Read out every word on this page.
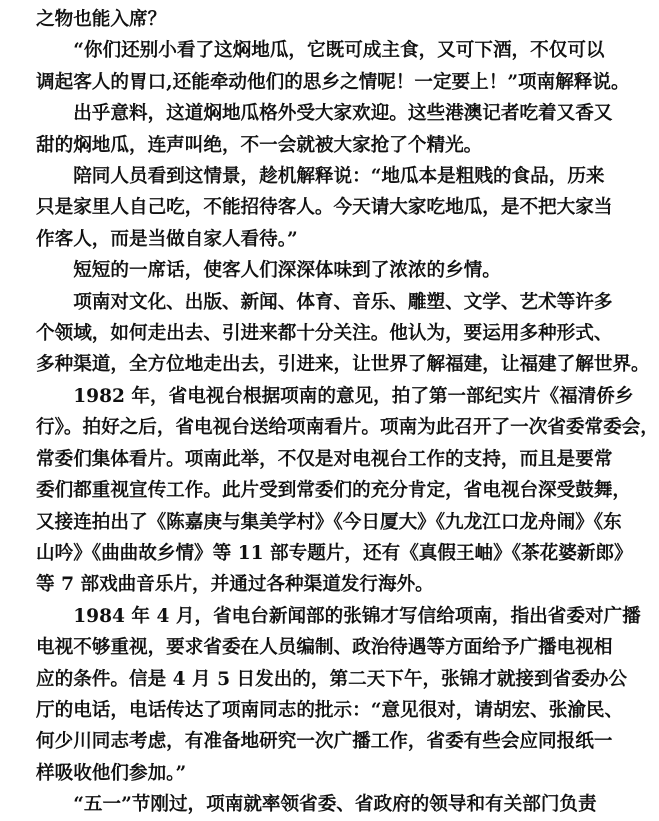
之物也能入席？
“你们还别小看了这焖地瓜，它既可成主食，又可下酒，不仅可以
调起客人的胃口,还能牵动他们的思乡之情呢！一定要上！”项南解释说。
出乎意料，这道焖地瓜格外受大家欢迎。这些港澳记者吃着又香又
甜的焖地瓜，连声叫绝，不一会就被大家抢了个精光。
陪同人员看到这情景，趁机解释说：“地瓜本是粗贱的食品，历来
只是家里人自己吃，不能招待客人。今天请大家吃地瓜，是不把大家当
作客人，而是当做自家人看待。”
短短的一席话，使客人们深深体味到了浓浓的乡情。
项南对文化、出版、新闻、体育、音乐、雕塑、文学、艺术等许多
个领域，如何走出去、引进来都十分关注。他认为，要运用多种形式、
多种渠道，全方位地走出去，引进来，让世界了解福建，让福建了解世界。
1982 年，省电视台根据项南的意见，拍了第一部纪实片《福清侨乡
行》。拍好之后，省电视台送给项南看片。项南为此召开了一次省委常委会，
常委们集体看片。项南此举，不仅是对电视台工作的支持，而且是要常
委们都重视宣传工作。此片受到常委们的充分肯定，省电视台深受鼓舞，
又接连拍出了《陈嘉庚与集美学村》《今日厦大》《九龙江口龙舟闹》《东
山吟》《曲曲故乡情》等 11 部专题片，还有《真假王岫》《茶花婆新郎》
等 7 部戏曲音乐片，并通过各种渠道发行海外。
1984 年 4 月，省电台新闻部的张锦才写信给项南，指出省委对广播
电视不够重视，要求省委在人员编制、政治待遇等方面给予广播电视相
应的条件。信是 4 月 5 日发出的，第二天下午，张锦才就接到省委办公
厅的电话，电话传达了项南同志的批示：“意见很对，请胡宏、张渝民、
何少川同志考虑，有准备地研究一次广播工作，省委有些会应同报纸一
样吸收他们参加。”
“五一”节刚过，项南就率领省委、省政府的领导和有关部门负责
